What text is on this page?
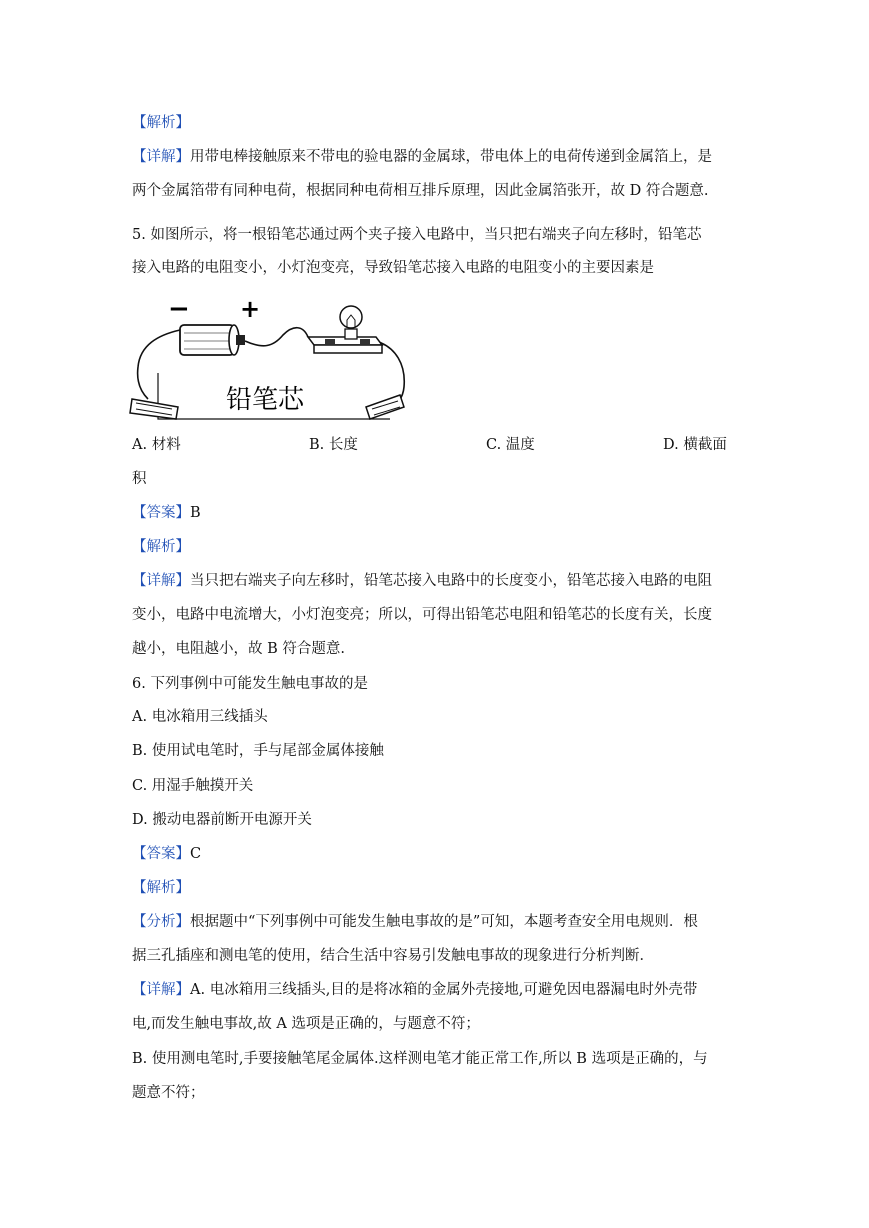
【解析】
【详解】用带电棒接触原来不带电的验电器的金属球，带电体上的电荷传递到金属箔上，是
两个金属箔带有同种电荷，根据同种电荷相互排斥原理，因此金属箔张开，故 D 符合题意.
5. 如图所示，将一根铅笔芯通过两个夹子接入电路中，当只把右端夹子向左移时，铅笔芯
接入电路的电阻变小，小灯泡变亮，导致铅笔芯接入电路的电阻变小的主要因素是
− +
铅笔芯
A. 材料	B. 长度	C. 温度	D. 横截面
积
【答案】B
【解析】
【详解】当只把右端夹子向左移时，铅笔芯接入电路中的长度变小，铅笔芯接入电路的电阻
变小，电路中电流增大，小灯泡变亮；所以，可得出铅笔芯电阻和铅笔芯的长度有关，长度
越小，电阻越小，故 B 符合题意.
6. 下列事例中可能发生触电事故的是
A. 电冰箱用三线插头
B. 使用试电笔时，手与尾部金属体接触
C. 用湿手触摸开关
D. 搬动电器前断开电源开关
【答案】C
【解析】
【分析】根据题中“下列事例中可能发生触电事故的是”可知，本题考查安全用电规则．根
据三孔插座和测电笔的使用，结合生活中容易引发触电事故的现象进行分析判断．
【详解】A. 电冰箱用三线插头,目的是将冰箱的金属外壳接地,可避免因电器漏电时外壳带
电,而发生触电事故,故 A 选项是正确的，与题意不符；
B. 使用测电笔时,手要接触笔尾金属体.这样测电笔才能正常工作,所以 B 选项是正确的，与
题意不符；
